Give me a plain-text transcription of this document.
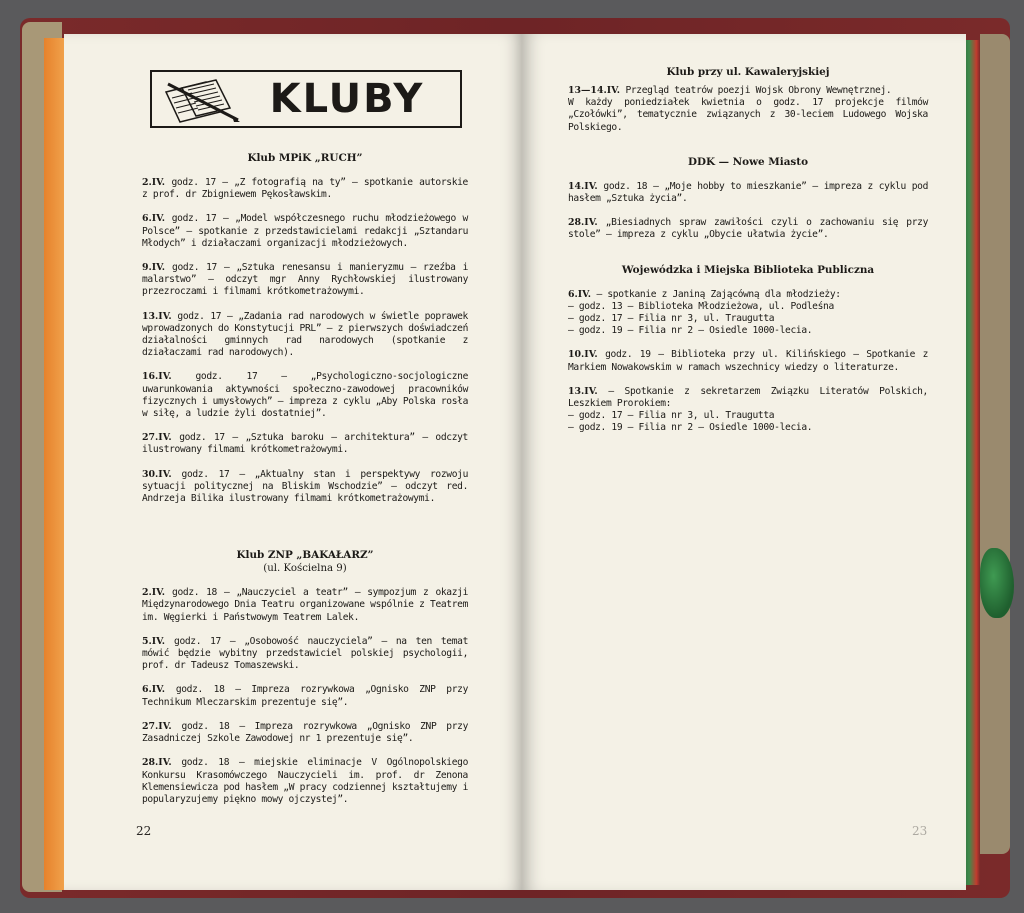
KLUBY
Klub MPiK „RUCH”
2.IV. godz. 17 — „Z fotografią na ty” — spotkanie autorskie z prof. dr Zbigniewem Pękosławskim.
6.IV. godz. 17 — „Model współczesnego ruchu młodzieżowego w Polsce” — spotkanie z przedstawicielami redakcji „Sztandaru Młodych” i działaczami organizacji młodzieżowych.
9.IV. godz. 17 — „Sztuka renesansu i manieryzmu — rzeźba i malarstwo” — odczyt mgr Anny Rychłowskiej ilustrowany przezroczami i filmami krótkometrażowymi.
13.IV. godz. 17 — „Zadania rad narodowych w świetle poprawek wprowadzonych do Konstytucji PRL” — z pierwszych doświadczeń działalności gminnych rad narodowych (spotkanie z działaczami rad narodowych).
16.IV. godz. 17 — „Psychologiczno-socjologiczne uwarunkowania aktywności społeczno-zawodowej pracowników fizycznych i umysłowych” — impreza z cyklu „Aby Polska rosła w siłę, a ludzie żyli dostatniej”.
27.IV. godz. 17 — „Sztuka baroku — architektura” — odczyt ilustrowany filmami krótkometrażowymi.
30.IV. godz. 17 — „Aktualny stan i perspektywy rozwoju sytuacji politycznej na Bliskim Wschodzie” — odczyt red. Andrzeja Bilika ilustrowany filmami krótkometrażowymi.
Klub ZNP „BAKAŁARZ”
(ul. Kościelna 9)
2.IV. godz. 18 — „Nauczyciel a teatr” — sympozjum z okazji Międzynarodowego Dnia Teatru organizowane wspólnie z Teatrem im. Węgierki i Państwowym Teatrem Lalek.
5.IV. godz. 17 — „Osobowość nauczyciela” — na ten temat mówić będzie wybitny przedstawiciel polskiej psychologii, prof. dr Tadeusz Tomaszewski.
6.IV. godz. 18 — Impreza rozrywkowa „Ognisko ZNP przy Technikum Mleczarskim prezentuje się”.
27.IV. godz. 18 — Impreza rozrywkowa „Ognisko ZNP przy Zasadniczej Szkole Zawodowej nr 1 prezentuje się”.
28.IV. godz. 18 — miejskie eliminacje V Ogólnopolskiego Konkursu Krasomówczego Nauczycieli im. prof. dr Zenona Klemensiewicza pod hasłem „W pracy codziennej kształtujemy i popularyzujemy piękno mowy ojczystej”.
22
Klub przy ul. Kawaleryjskiej
13—14.IV. Przegląd teatrów poezji Wojsk Obrony Wewnętrznej.
W każdy poniedziałek kwietnia o godz. 17 projekcje filmów „Czołówki”, tematycznie związanych z 30-leciem Ludowego Wojska Polskiego.
DDK — Nowe Miasto
14.IV. godz. 18 — „Moje hobby to mieszkanie” — impreza z cyklu pod hasłem „Sztuka życia”.
28.IV. „Biesiadnych spraw zawiłości czyli o zachowaniu się przy stole” — impreza z cyklu „Obycie ułatwia życie”.
Wojewódzka i Miejska Biblioteka Publiczna
6.IV. — spotkanie z Janiną Zającówną dla młodzieży:
— godz. 13 — Biblioteka Młodzieżowa, ul. Podleśna
— godz. 17 — Filia nr 3, ul. Traugutta
— godz. 19 — Filia nr 2 — Osiedle 1000-lecia.
10.IV. godz. 19 — Biblioteka przy ul. Kilińskiego — Spotkanie z Markiem Nowakowskim w ramach wszechnicy wiedzy o literaturze.
13.IV. — Spotkanie z sekretarzem Związku Literatów Polskich, Leszkiem Prorokiem:
— godz. 17 — Filia nr 3, ul. Traugutta
— godz. 19 — Filia nr 2 — Osiedle 1000-lecia.
23
